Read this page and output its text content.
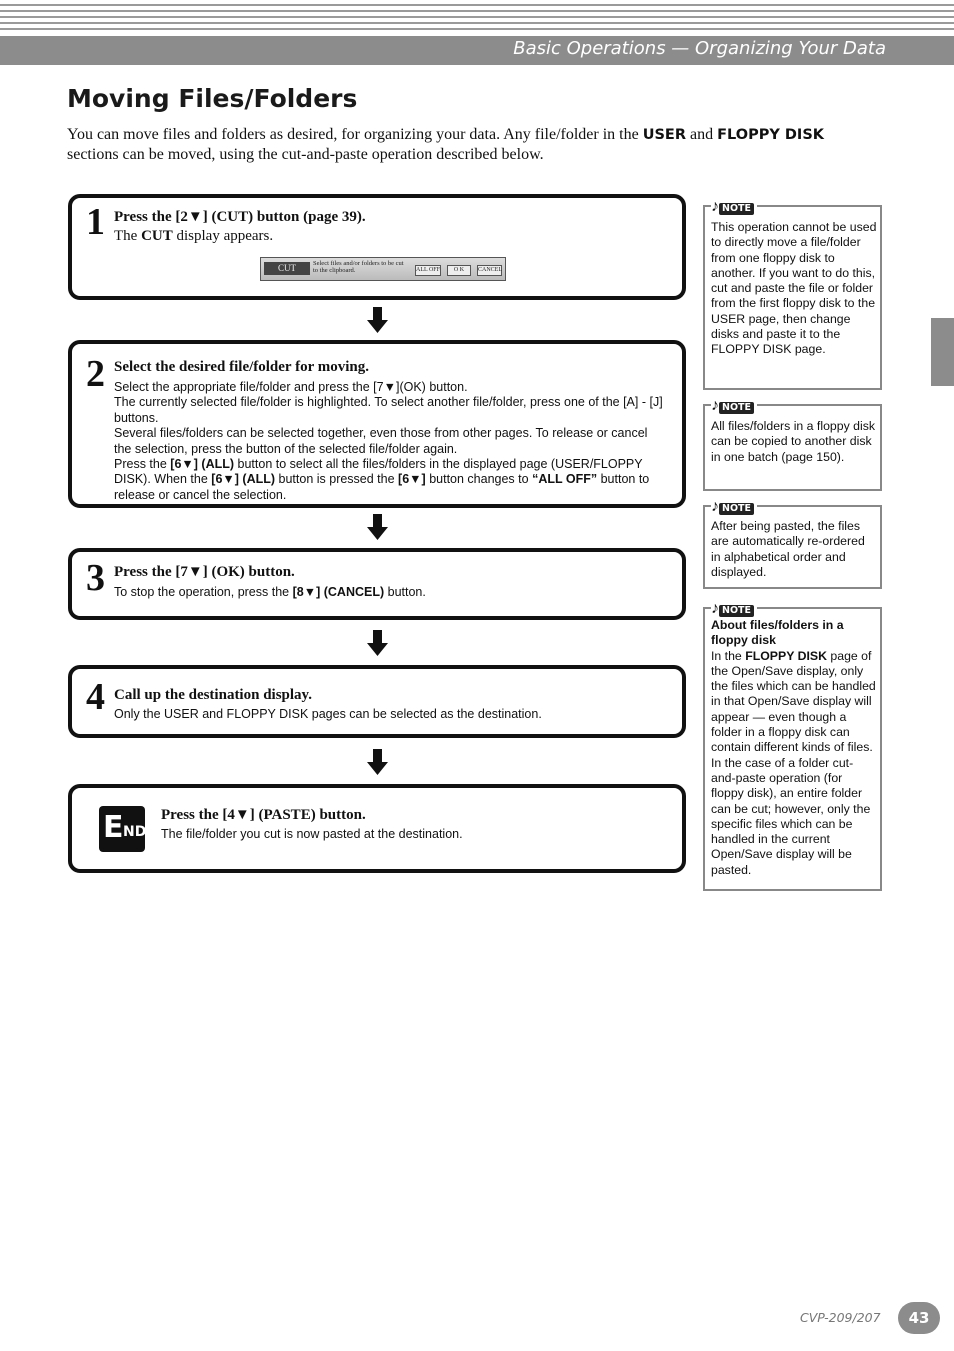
Basic Operations — Organizing Your Data
Moving Files/Folders

You can move files and folders as desired, for organizing your data. Any file/folder in the USER and FLOPPY DISK sections can be moved, using the cut-and-paste operation described below.

1 Press the [2▼] (CUT) button (page 39).
The CUT display appears.
CUT	Select files and/or folders to be cut to the clipboard.	ALL OFF	O K	CANCEL
2 Select the desired file/folder for moving.
Select the appropriate file/folder and press the [7▼](OK) button.
The currently selected file/folder is highlighted. To select another file/folder, press one of the [A] - [J] buttons.
Several files/folders can be selected together, even those from other pages. To release or cancel the selection, press the button of the selected file/folder again.
Press the [6▼] (ALL) button to select all the files/folders in the displayed page (USER/FLOPPY DISK). When the [6▼] (ALL) button is pressed the [6▼] button changes to “ALL OFF” button to release or cancel the selection.
3 Press the [7▼] (OK) button.
To stop the operation, press the [8▼] (CANCEL) button.
4 Call up the destination display.
Only the USER and FLOPPY DISK pages can be selected as the destination.
E ND
Press the [4▼] (PASTE) button.
The file/folder you cut is now pasted at the destination.
♪ NOTE
This operation cannot be used to directly move a file/folder from one floppy disk to another. If you want to do this, cut and paste the file or folder from the first floppy disk to the USER page, then change disks and paste it to the FLOPPY DISK page.
♪ NOTE
All files/folders in a floppy disk can be copied to another disk in one batch (page 150).
♪ NOTE
After being pasted, the files are automatically re-ordered in alphabetical order and displayed.
♪ NOTE
About files/folders in a floppy disk
In the FLOPPY DISK page of the Open/Save display, only the files which can be handled in that Open/Save display will appear — even though a folder in a floppy disk can contain different kinds of files.
In the case of a folder cut-and-paste operation (for floppy disk), an entire folder can be cut; however, only the specific files which can be handled in the current Open/Save display will be pasted.
CVP-209/207	43
